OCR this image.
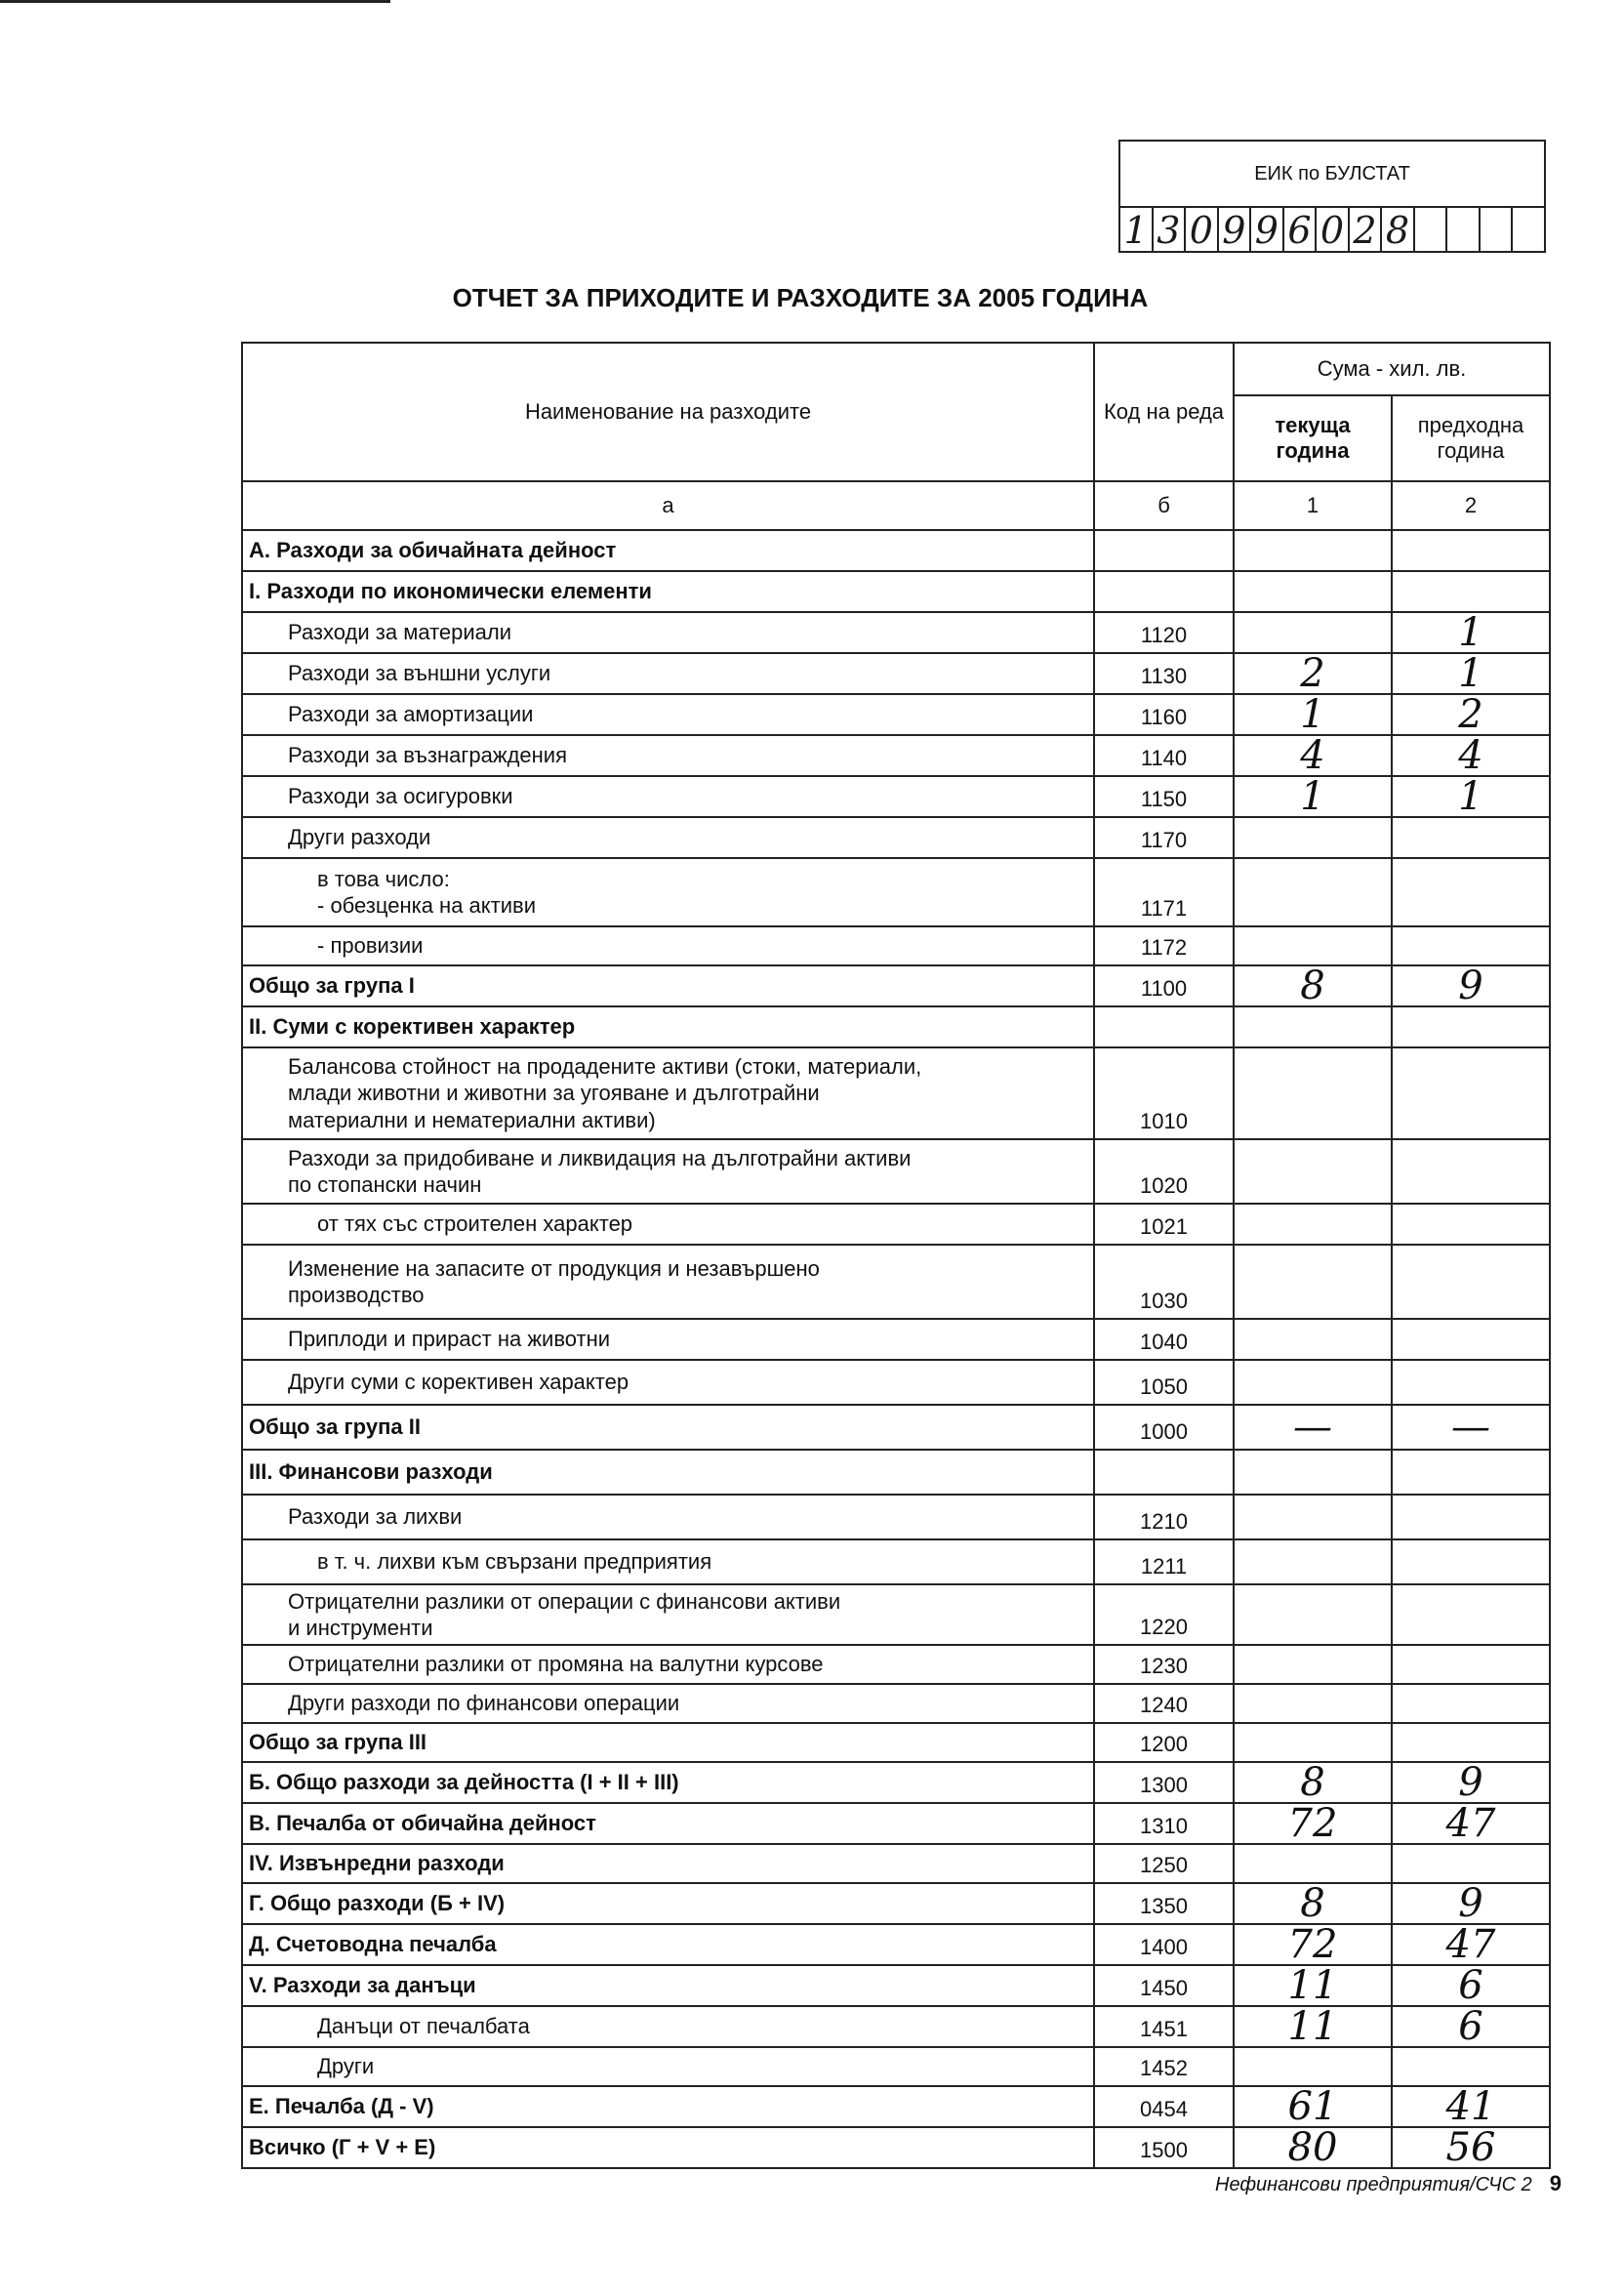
ЕИК по БУЛСТАТ
1 3 0 9 9 6 0 2 8
ОТЧЕТ ЗА ПРИХОДИТЕ И РАЗХОДИТЕ ЗА 2005 ГОДИНА
Наименование на разходите	Код на реда	Сума - хил. лв.	
		текуща година	предходна година
а	б	1	2
А. Разходи за обичайната дейност			
I. Разходи по икономически елементи			
Разходи за материали	1120		1
Разходи за външни услуги	1130	2	1
Разходи за амортизации	1160	1	2
Разходи за възнаграждения	1140	4	4
Разходи за осигуровки	1150	1	1
Други разходи	1170		
в това число:
- обезценка на активи	1171		
- провизии	1172		
Общо за група I	1100	8	9
II. Суми с корективен характер			
Балансова стойност на продадените активи (стоки, материали,
млади животни и животни за угояване и дълготрайни
материални и нематериални активи)	1010		
Разходи за придобиване и ликвидация на дълготрайни активи
по стопански начин	1020		
от тях със строителен характер	1021		
Изменение на запасите от продукция и незавършено
производство	1030		
Приплоди и прираст на животни	1040		
Други суми с корективен характер	1050		
Общо за група II	1000	—	—
III. Финансови разходи			
Разходи за лихви	1210		
в т. ч. лихви към свързани предприятия	1211		
Отрицателни разлики от операции с финансови активи
и инструменти	1220		
Отрицателни разлики от промяна на валутни курсове	1230		
Други разходи по финансови операции	1240		
Общо за група III	1200		
Б. Общо разходи за дейността (I + II + III)	1300	8	9
В. Печалба от обичайна дейност	1310	72	47
IV. Извънредни разходи	1250		
Г. Общо разходи (Б + IV)	1350	8	9
Д. Счетоводна печалба	1400	72	47
V. Разходи за данъци	1450	11	6
Данъци от печалбата	1451	11	6
Други	1452		
Е. Печалба (Д - V)	0454	61	41
Всичко (Г + V + Е)	1500	80	56
Нефинансови предприятия/СЧС 2 9
